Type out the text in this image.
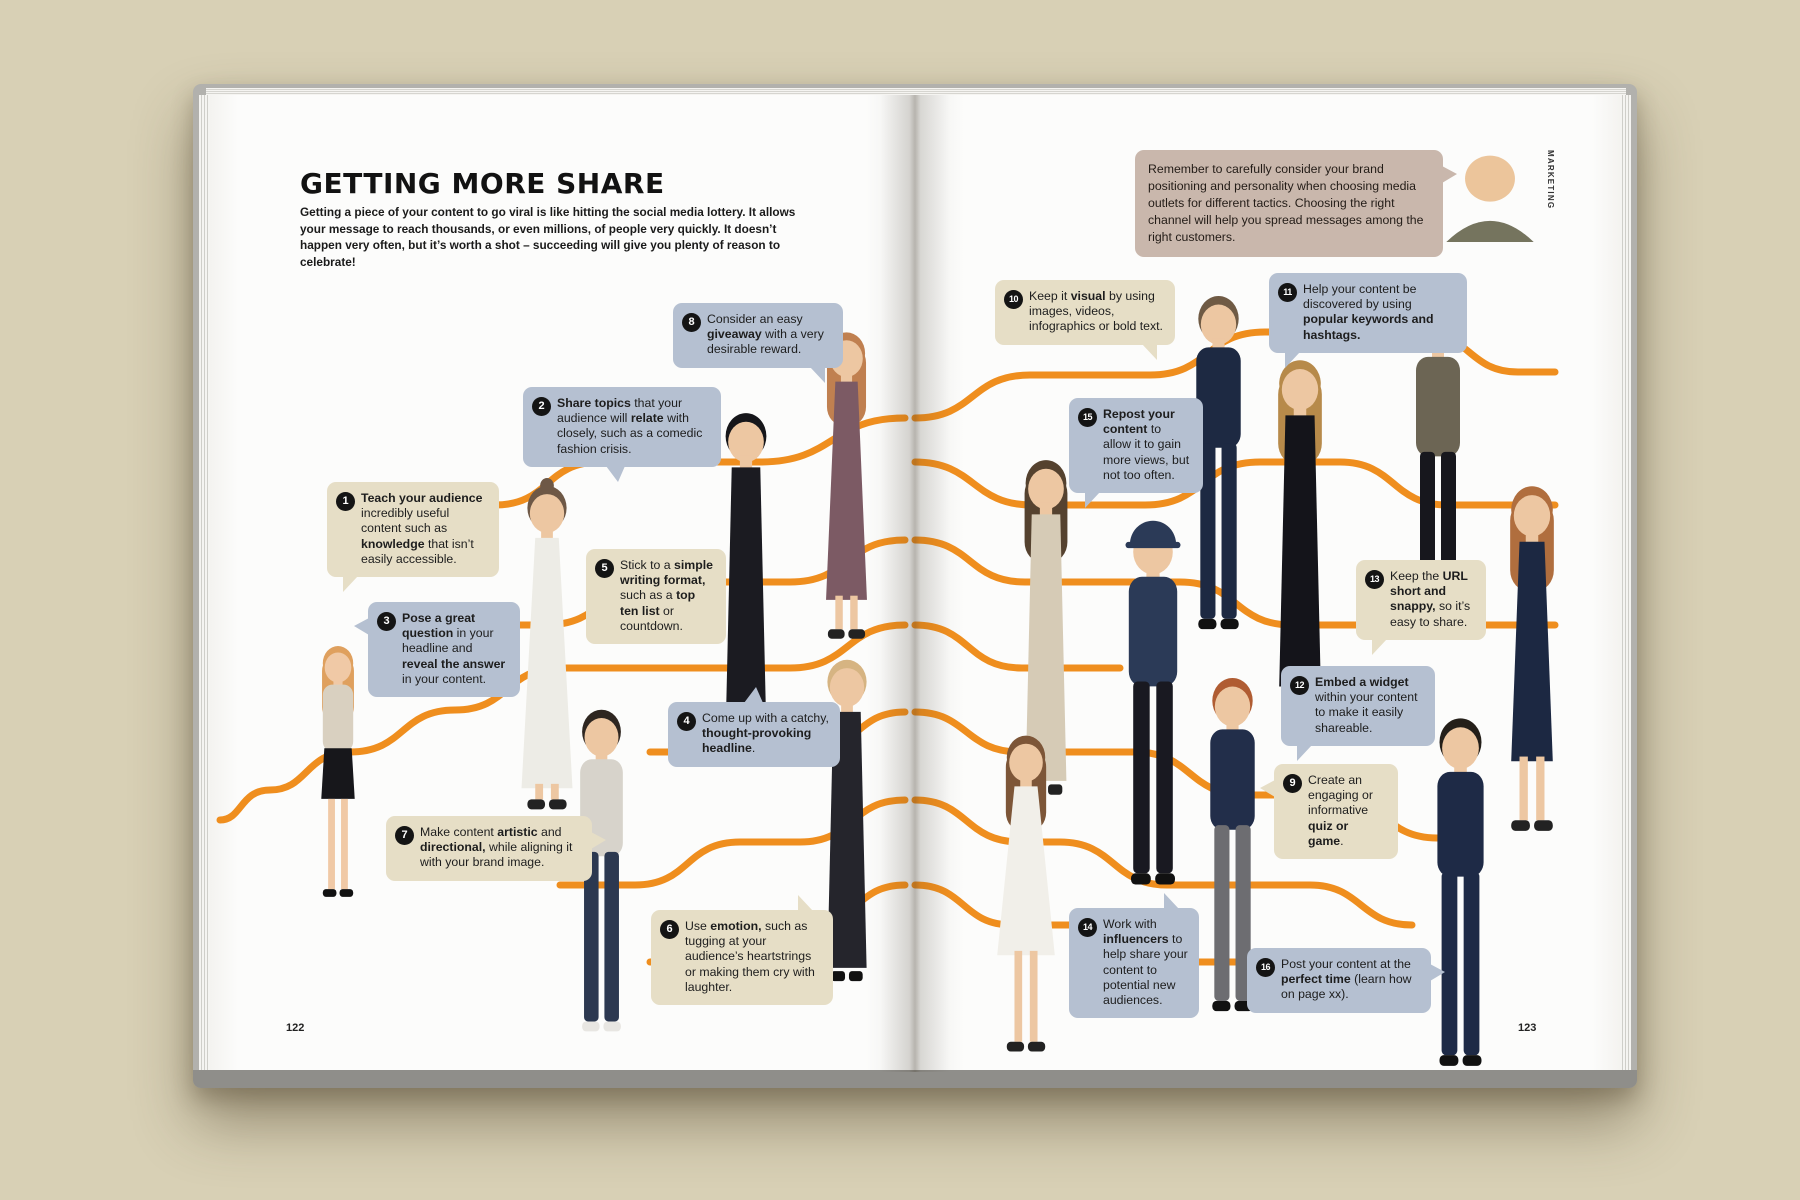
GETTING MORE SHARE

Getting a piece of your content to go viral is like hitting the social media lottery. It allows your message to reach thousands, or even millions, of people very quickly. It doesn’t happen very often, but it’s worth a shot – succeeding will give you plenty of reason to celebrate!

122	123
MARKETING
Remember to carefully consider your brand positioning and personality when choosing media outlets for different tactics. Choosing the right channel will help you spread messages among the right customers.
1	Teach your audience incredibly useful content such as knowledge that isn’t easily accessible.
2	Share topics that your audience will relate with closely, such as a comedic fashion crisis.
3	Pose a great question in your headline and reveal the answer in your content.
4	Come up with a catchy, thought-provoking headline.
5	Stick to a simple writing format, such as a top ten list or countdown.
6	Use emotion, such as tugging at your audience’s heartstrings or making them cry with laughter.
7	Make content artistic and directional, while aligning it with your brand image.
8	Consider an easy giveaway with a very desirable reward.
9	Create an engaging or informative quiz or game.
10 Keep it visual by using images, videos, infographics or bold text.
11 Help your content be discovered by using popular keywords and hashtags.
12 Embed a widget within your content to make it easily shareable.
13 Keep the URL short and snappy, so it’s easy to share.
14 Work with influencers to help share your content to potential new audiences.
15 Repost your content to allow it to gain more views, but not too often.
16 Post your content at the perfect time (learn how on page xx).
